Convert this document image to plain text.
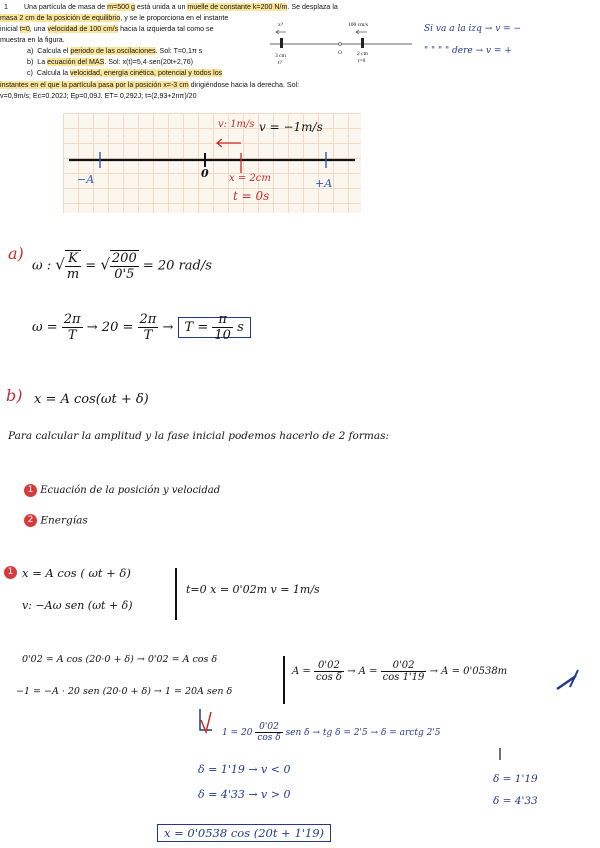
1 Una partícula de masa de m=500 g está unida a un muelle de constante k=200 N/m. Se desplaza la

masa 2 cm de la posición de equilibrio, y se le proporciona en el instante

inicial t=0, una velocidad de 100 cm/s hacia la izquierda tal como se

muestra en la figura.

a) Calcula el periodo de las oscilaciones. Sol: T=0,1π s

b) La ecuación del MAS. Sol: x(t)=5,4·sen(20t+2,76)

c) Calcula la velocidad, energía cinética, potencial y todos los

instantes en el que la partícula pasa por la posición x=-3 cm dirigiéndose hacia la derecha. Sol:

v=0,9m/s; Ec=0.202J; Ep=0,09J. ET= 0,292J; t=(2,93+2nπ)/20

x?	100 cm/s
3 cm
t?
O	2 cm
t=0
Si va a la izq → v = −
" " " " dere → v = +
v: 1m/s v = −1m/s
−A	0
+A
x = 2cm
t = 0s
a)
ω : √ $\frac{K}{m}$ = √ $\frac{200}{0'5} = 20$ rad/s
$\omega = \frac{2\pi}{T} \to 20 = \frac{2\pi}{T} \to T = \frac{\pi}{10}$ s
b) x = A cos(ωt + δ)
Para calcular la amplitud y la fase inicial podemos hacerlo de 2 formas:
1 Ecuación de la posición y velocidad
2 Energías
1 x = A cos ( ωt + δ)
v: −Aω sen (ωt + δ)
t=0 x = 0'02m v = 1m/s
0'02 = A cos (20·0 + δ) → 0'02 = A cos δ
−1 = −A · 20 sen (20·0 + δ) → 1 = 20A sen δ
$A = \frac{0'02}{\text{cos δ}} \to A = \frac{0'02}{\cos 1'19} \to A = 0'0538m$
$1 = 20 \frac{0'02}{\text{cos δ}}$ sen δ → tg δ = 2'5 → δ = arctg 2'5
δ = 1'19 → v < 0
δ = 4'33 → v > 0
δ = 1'19
δ = 4'33
x = 0'0538 cos (20t + 1'19)
